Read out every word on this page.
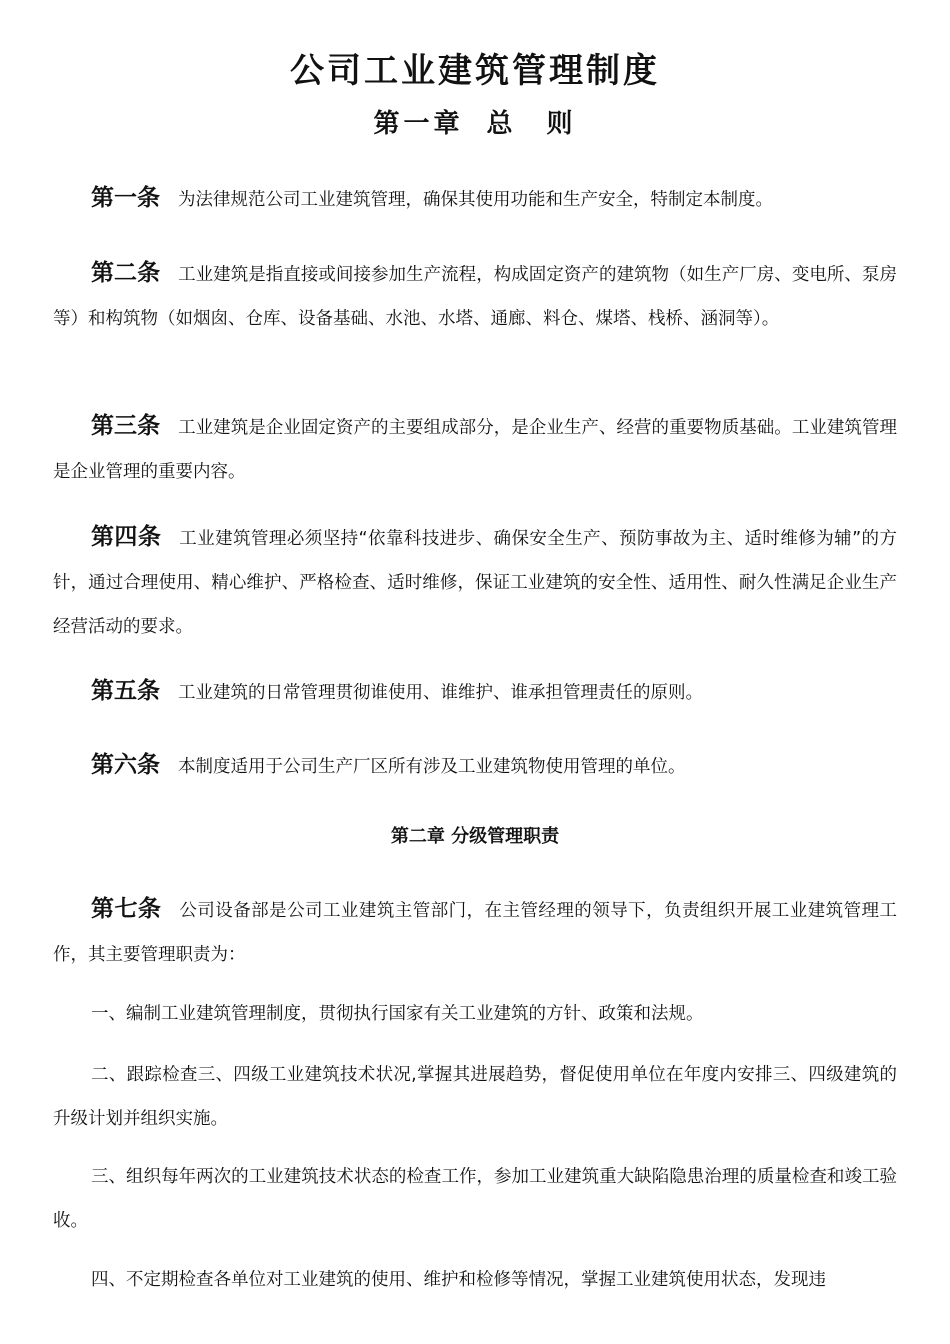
公司工业建筑管理制度
第一章 总　则
第一条 为法律规范公司工业建筑管理，确保其使用功能和生产安全，特制定本制度。
第二条 工业建筑是指直接或间接参加生产流程，构成固定资产的建筑物（如生产厂房、变电所、泵房等）和构筑物（如烟囱、仓库、设备基础、水池、水塔、通廊、料仓、煤塔、栈桥、涵洞等）。
第三条 工业建筑是企业固定资产的主要组成部分，是企业生产、经营的重要物质基础。工业建筑管理是企业管理的重要内容。
第四条 工业建筑管理必须坚持“依靠科技进步、确保安全生产、预防事故为主、适时维修为辅”的方针，通过合理使用、精心维护、严格检查、适时维修，保证工业建筑的安全性、适用性、耐久性满足企业生产经营活动的要求。
第五条 工业建筑的日常管理贯彻谁使用、谁维护、谁承担管理责任的原则。
第六条 本制度适用于公司生产厂区所有涉及工业建筑物使用管理的单位。
第二章 分级管理职责
第七条 公司设备部是公司工业建筑主管部门，在主管经理的领导下，负责组织开展工业建筑管理工作，其主要管理职责为：
一、编制工业建筑管理制度，贯彻执行国家有关工业建筑的方针、政策和法规。
二、跟踪检查三、四级工业建筑技术状况,掌握其进展趋势，督促使用单位在年度内安排三、四级建筑的升级计划并组织实施。
三、组织每年两次的工业建筑技术状态的检查工作，参加工业建筑重大缺陷隐患治理的质量检查和竣工验收。
四、不定期检查各单位对工业建筑的使用、维护和检修等情况，掌握工业建筑使用状态，发现违
